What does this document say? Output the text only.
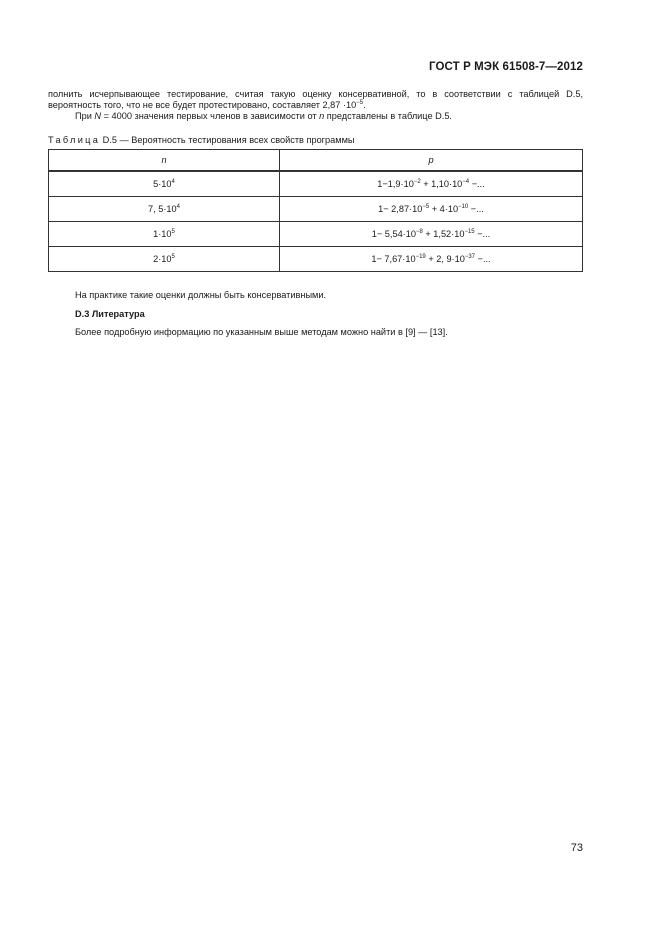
ГОСТ Р МЭК 61508-7—2012
полнить исчерпывающее тестирование, считая такую оценку консервативной, то в соответствии с таблицей D.5,
вероятность того, что не все будет протестировано, составляет $2,87 \cdot 10^{-5}$.
При N = 4000 значения первых членов в зависимости от n представлены в таблице D.5.
Таблица D.5 — Вероятность тестирования всех свойств программы
n	p
$5\cdot 10^4$	$1-1,9\cdot 10^{-2} + 1,10\cdot 10^{-4}$ −...
7, $5\cdot 10^4$	$1- 2,87\cdot 10^{-5} + 4\cdot 10^{-10}$ −...
$1\cdot 10^5$	$1- 5,54\cdot 10^{-8} + 1,52\cdot 10^{-15}$ −...
$2\cdot 10^5$	$1- 7,67\cdot 10^{-19} + 2$, $9\cdot 10^{-37}$ −...
На практике такие оценки должны быть консервативными.
D.3 Литература
Более подробную информацию по указанным выше методам можно найти в [9] — [13].
73
